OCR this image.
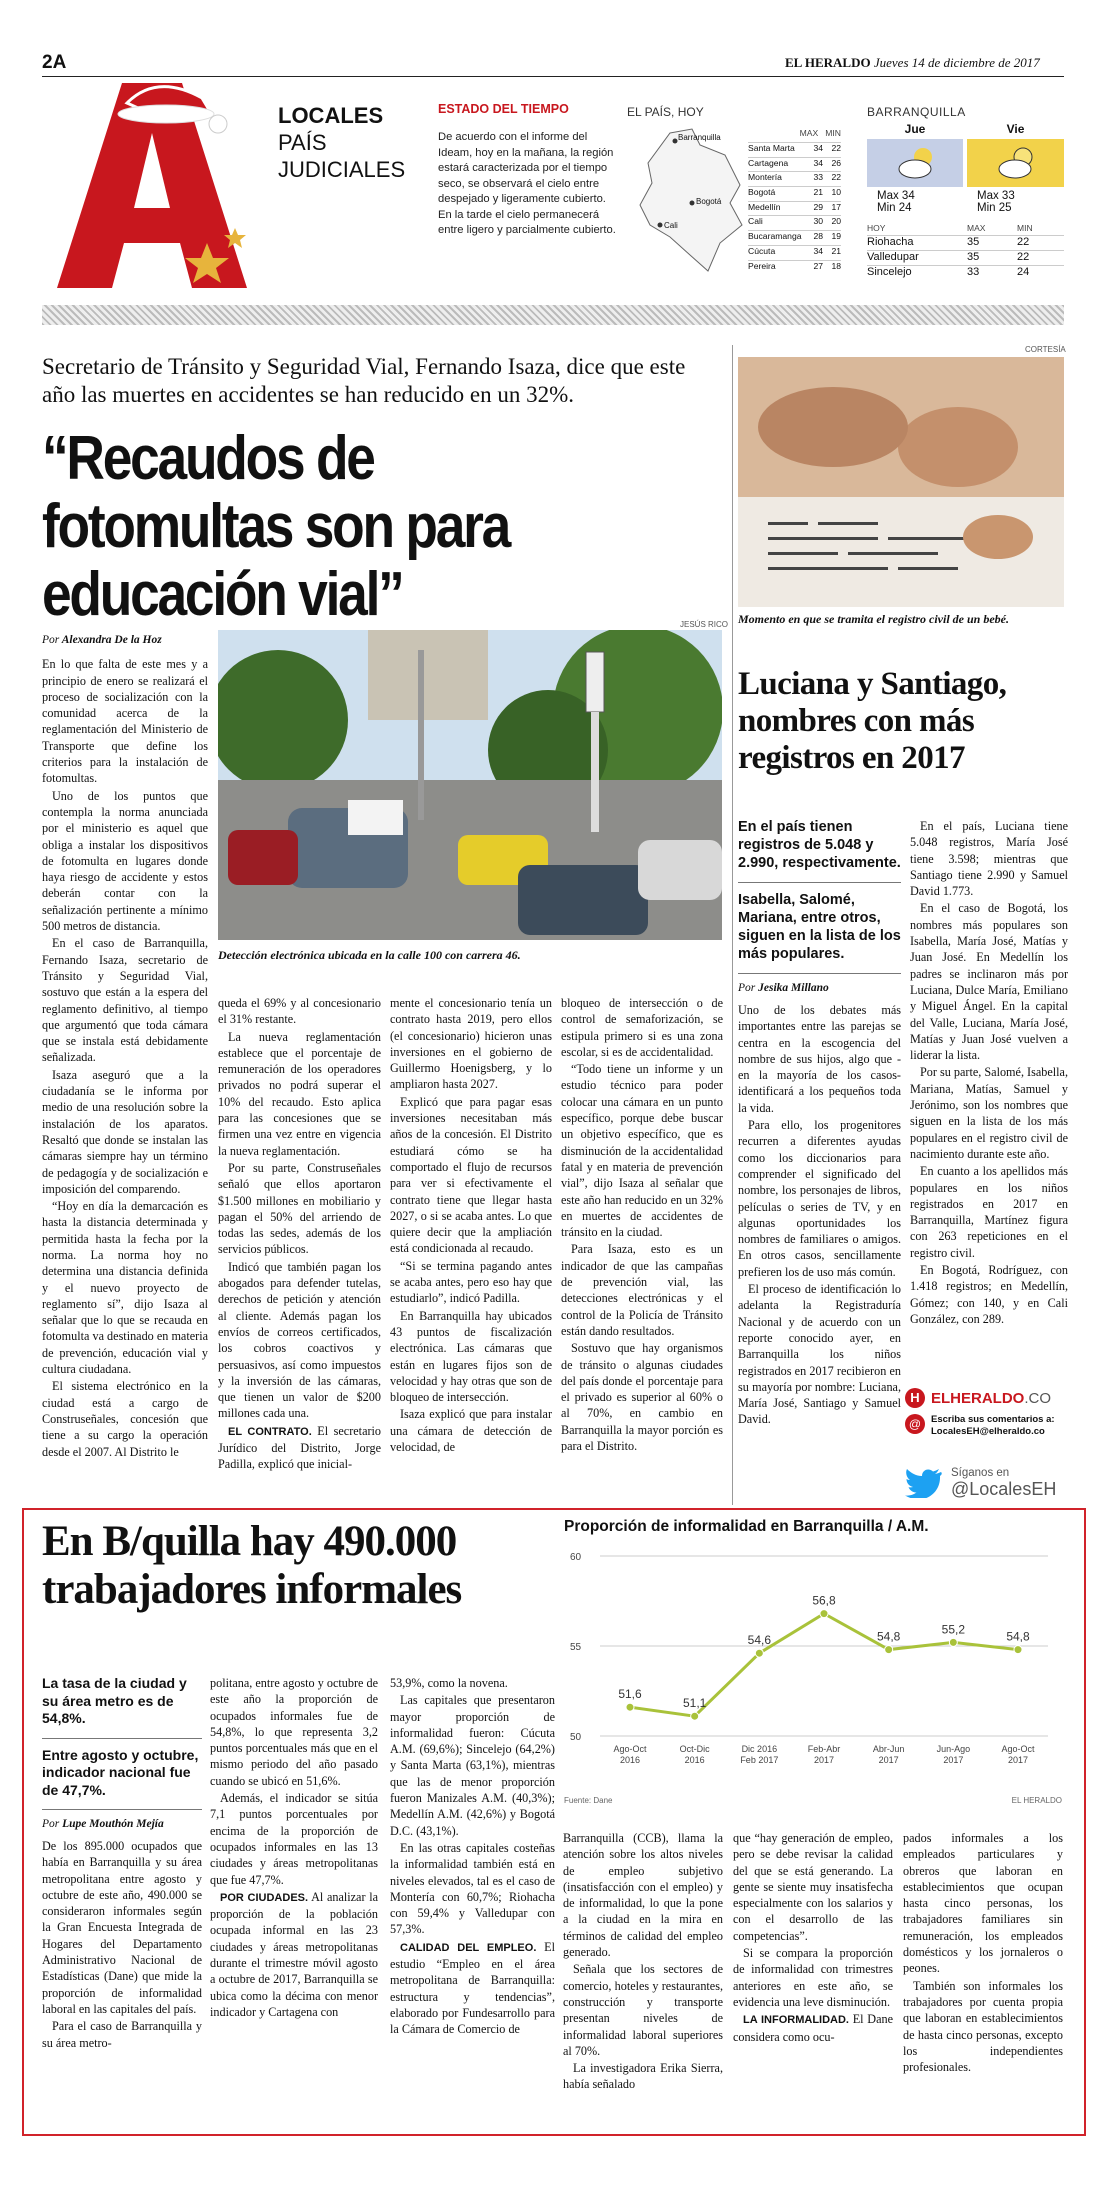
2A	EL HERALDO Jueves 14 de diciembre de 2017
LOCALES
PAÍS
JUDICIALES
ESTADO DEL TIEMPO
De acuerdo con el informe del Ideam, hoy en la mañana, la región estará caracterizada por el tiempo seco, se observará el cielo entre despejado y ligeramente cubierto. En la tarde el cielo permanecerá entre ligero y parcialmente cubierto.
EL PAÍS, HOY
Barranquilla
Bogotá
Cali
MAX MIN
Santa Marta	34 22
Cartagena	34 26
Montería	33 22
Bogotá	21 10
Medellín	29 17
Cali	30 20
Bucaramanga	28 19
Cúcuta	34 21
Pereira	27 18
BARRANQUILLA
Jue
Max 34
Min 24
Vie
Max 33
Min 25
HOY	MAX	MIN
Riohacha	35	22
Valledupar	35	22
Sincelejo	33	24
Secretario de Tránsito y Seguridad Vial, Fernando Isaza, dice que este año las muertes en accidentes se han reducido en un 32%.
“Recaudos de fotomultas son para educación vial”	JESÚS RICO
Detección electrónica ubicada en la calle 100 con carrera 46.
Por Alexandra De la Hoz

En lo que falta de este mes y a principio de enero se realizará el proceso de socialización con la comunidad acerca de la reglamentación del Ministerio de Transporte que define los criterios para la instalación de fotomultas.

Uno de los puntos que contempla la norma anunciada por el ministerio es aquel que obliga a instalar los dispositivos de fotomulta en lugares donde haya riesgo de accidente y estos deberán contar con la señalización pertinente a mínimo 500 metros de distancia.

En el caso de Barranquilla, Fernando Isaza, secretario de Tránsito y Seguridad Vial, sostuvo que están a la espera del reglamento definitivo, al tiempo que argumentó que toda cámara que se instala está debidamente señalizada.

Isaza aseguró que a la ciudadanía se le informa por medio de una resolución sobre la instalación de los aparatos. Resaltó que donde se instalan las cámaras siempre hay un término de pedagogía y de socialización e imposición del comparendo.

“Hoy en día la demarcación es hasta la distancia determinada y permitida hasta la fecha por la norma. La norma hoy no determina una distancia definida y el nuevo proyecto de reglamento sí”, dijo Isaza al señalar que lo que se recauda en fotomulta va destinado en materia de prevención, educación vial y cultura ciudadana.

El sistema electrónico en la ciudad está a cargo de Construseñales, concesión que tiene a su cargo la operación desde el 2007. Al Distrito le

queda el 69% y al concesionario el 31% restante.

La nueva reglamentación establece que el porcentaje de remuneración de los operadores privados no podrá superar el 10% del recaudo. Esto aplica para las concesiones que se firmen una vez entre en vigencia la nueva reglamentación.

Por su parte, Construseñales señaló que ellos aportaron $1.500 millones en mobiliario y pagan el 50% del arriendo de todas las sedes, además de los servicios públicos.

Indicó que también pagan los abogados para defender tutelas, derechos de petición y atención al cliente. Además pagan los envíos de correos certificados, los cobros coactivos y persuasivos, así como impuestos y la inversión de las cámaras, que tienen un valor de $200 millones cada una.

EL CONTRATO. El secretario Jurídico del Distrito, Jorge Padilla, explicó que inicial-

mente el concesionario tenía un contrato hasta 2019, pero ellos (el concesionario) hicieron unas inversiones en el gobierno de Guillermo Hoenigsberg, y lo ampliaron hasta 2027.

Explicó que para pagar esas inversiones necesitaban más años de la concesión. El Distrito estudiará cómo se ha comportado el flujo de recursos para ver si efectivamente el contrato tiene que llegar hasta 2027, o si se acaba antes. Lo que quiere decir que la ampliación está condicionada al recaudo.

“Si se termina pagando antes se acaba antes, pero eso hay que estudiarlo”, indicó Padilla.

En Barranquilla hay ubicados 43 puntos de fiscalización electrónica. Las cámaras que están en lugares fijos son de velocidad y hay otras que son de bloqueo de intersección.

Isaza explicó que para instalar una cámara de detección de velocidad, de

bloqueo de intersección o de control de semaforización, se estipula primero si es una zona escolar, si es de accidentalidad.

“Todo tiene un informe y un estudio técnico para poder colocar una cámara en un punto específico, porque debe buscar un objetivo específico, que es disminución de la accidentalidad fatal y en materia de prevención vial”, dijo Isaza al señalar que este año han reducido en un 32% en muertes de accidentes de tránsito en la ciudad.

Para Isaza, esto es un indicador de que las campañas de prevención vial, las detecciones electrónicas y el control de la Policía de Tránsito están dando resultados.

Sostuvo que hay organismos de tránsito o algunas ciudades del país donde el porcentaje para el privado es superior al 60% o al 70%, en cambio en Barranquilla la mayor porción es para el Distrito.

CORTESÍA
Momento en que se tramita el registro civil de un bebé.
Luciana y Santiago, nombres con más registros en 2017
En el país tienen registros de 5.048 y 2.990, respectivamente.
Isabella, Salomé, Mariana, entre otros, siguen en la lista de los más populares.
Por Jesika Millano

Uno de los debates más importantes entre las parejas se centra en la escogencia del nombre de sus hijos, algo que -en la mayoría de los casos- identificará a los pequeños toda la vida.

Para ello, los progenitores recurren a diferentes ayudas como los diccionarios para comprender el significado del nombre, los personajes de libros, películas o series de TV, y en algunas oportunidades los nombres de familiares o amigos. En otros casos, sencillamente prefieren los de uso más común.

El proceso de identificación lo adelanta la Registraduría Nacional y de acuerdo con un reporte conocido ayer, en Barranquilla los niños registrados en 2017 recibieron en su mayoría por nombre: Luciana, María José, Santiago y Samuel David.

En el país, Luciana tiene 5.048 registros, María José tiene 3.598; mientras que Santiago tiene 2.990 y Samuel David 1.773.

En el caso de Bogotá, los nombres más populares son Isabella, María José, Matías y Juan José. En Medellín los padres se inclinaron más por Luciana, Dulce María, Emiliano y Miguel Ángel. En la capital del Valle, Luciana, María José, Matías y Juan José vuelven a liderar la lista.

Por su parte, Salomé, Isabella, Mariana, Matías, Samuel y Jerónimo, son los nombres que siguen en la lista de los más populares en el registro civil de nacimiento durante este año.

En cuanto a los apellidos más populares en los niños registrados en 2017 en Barranquilla, Martínez figura con 263 repeticiones en el registro civil.

En Bogotá, Rodríguez, con 1.418 registros; en Medellín, Gómez; con 140, y en Cali González, con 289.

H ELHERALDO.CO
@	Escriba sus comentarios a:
LocalesEH@elheraldo.co
Síganos en
@LocalesEH
En B/quilla hay 490.000 trabajadores informales
Proporción de informalidad en Barranquilla / A.M.
50
55
60
51,6
Ago-Oct
2016
51,1
Oct-Dic
2016
54,6
Dic 2016
Feb 2017
56,8
Feb-Abr
2017
54,8
Abr-Jun
2017
55,2
Jun-Ago
2017
54,8
Ago-Oct
2017
Fuente: Dane	EL HERALDO
La tasa de la ciudad y su área metro es de 54,8%.
Entre agosto y octubre, indicador nacional fue de 47,7%.
Por Lupe Mouthón Mejía

De los 895.000 ocupados que había en Barranquilla y su área metropolitana entre agosto y octubre de este año, 490.000 se consideraron informales según la Gran Encuesta Integrada de Hogares del Departamento Administrativo Nacional de Estadísticas (Dane) que mide la proporción de informalidad laboral en las capitales del país.

Para el caso de Barranquilla y su área metro-

politana, entre agosto y octubre de este año la proporción de ocupados informales fue de 54,8%, lo que representa 3,2 puntos porcentuales más que en el mismo periodo del año pasado cuando se ubicó en 51,6%.

Además, el indicador se sitúa 7,1 puntos porcentuales por encima de la proporción de ocupados informales en las 13 ciudades y áreas metropolitanas que fue 47,7%.

POR CIUDADES. Al analizar la proporción de la población ocupada informal en las 23 ciudades y áreas metropolitanas durante el trimestre móvil agosto a octubre de 2017, Barranquilla se ubica como la décima con menor indicador y Cartagena con

53,9%, como la novena.

Las capitales que presentaron mayor proporción de informalidad fueron: Cúcuta A.M. (69,6%); Sincelejo (64,2%) y Santa Marta (63,1%), mientras que las de menor proporción fueron Manizales A.M. (40,3%); Medellín A.M. (42,6%) y Bogotá D.C. (43,1%).

En las otras capitales costeñas la informalidad también está en niveles elevados, tal es el caso de Montería con 60,7%; Riohacha con 59,4% y Valledupar con 57,3%.

CALIDAD DEL EMPLEO. El estudio “Empleo en el área metropolitana de Barranquilla: estructura y tendencias”, elaborado por Fundesarrollo para la Cámara de Comercio de

Barranquilla (CCB), llama la atención sobre los altos niveles de empleo subjetivo (insatisfacción con el empleo) y de informalidad, lo que la pone a la ciudad en la mira en términos de calidad del empleo generado.

Señala que los sectores de comercio, hoteles y restaurantes, construcción y transporte presentan niveles de informalidad laboral superiores al 70%.

La investigadora Erika Sierra, había señalado

que “hay generación de empleo, pero se debe revisar la calidad del que se está generando. La gente se siente muy insatisfecha especialmente con los salarios y con el desarrollo de las competencias”.

Si se compara la proporción de informalidad con trimestres anteriores en este año, se evidencia una leve disminución.

LA INFORMALIDAD. El Dane considera como ocu-

pados informales a los empleados particulares y obreros que laboran en establecimientos que ocupan hasta cinco personas, los trabajadores familiares sin remuneración, los empleados domésticos y los jornaleros o peones.

También son informales los trabajadores por cuenta propia que laboran en establecimientos de hasta cinco personas, excepto los independientes profesionales.
